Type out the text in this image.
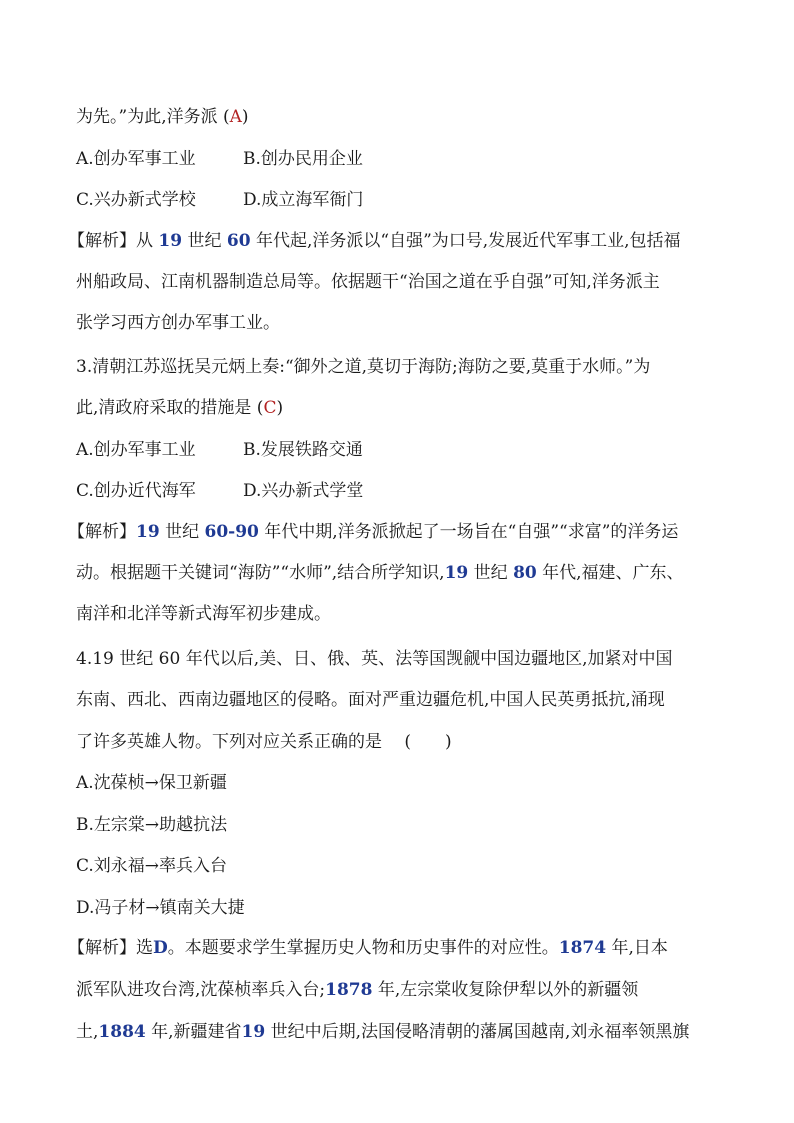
为先。”为此,洋务派 (A)
A.创办军事工业	B.创办民用企业
C.兴办新式学校	D.成立海军衙门
【解析】从 19 世纪 60 年代起,洋务派以“自强”为口号,发展近代军事工业,包括福
州船政局、江南机器制造总局等。依据题干“治国之道在乎自强”可知,洋务派主
张学习西方创办军事工业。
3.清朝江苏巡抚吴元炳上奏:“御外之道,莫切于海防;海防之要,莫重于水师。”为
此,清政府采取的措施是 (C)
A.创办军事工业	B.发展铁路交通
C.创办近代海军	D.兴办新式学堂
【解析】19 世纪 60-90 年代中期,洋务派掀起了一场旨在“自强”“求富”的洋务运
动。根据题干关键词“海防”“水师”,结合所学知识,19 世纪 80 年代,福建、广东、
南洋和北洋等新式海军初步建成。
4.19 世纪 60 年代以后,美、日、俄、英、法等国觊觎中国边疆地区,加紧对中国
东南、西北、西南边疆地区的侵略。面对严重边疆危机,中国人民英勇抵抗,涌现
了许多英雄人物。下列对应关系正确的是　 (　　)
A.沈葆桢→保卫新疆
B.左宗棠→助越抗法
C.刘永福→率兵入台
D.冯子材→镇南关大捷
【解析】选D。本题要求学生掌握历史人物和历史事件的对应性。1874 年,日本
派军队进攻台湾,沈葆桢率兵入台;1878 年,左宗棠收复除伊犁以外的新疆领
土,1884 年,新疆建省19 世纪中后期,法国侵略清朝的藩属国越南,刘永福率领黑旗
